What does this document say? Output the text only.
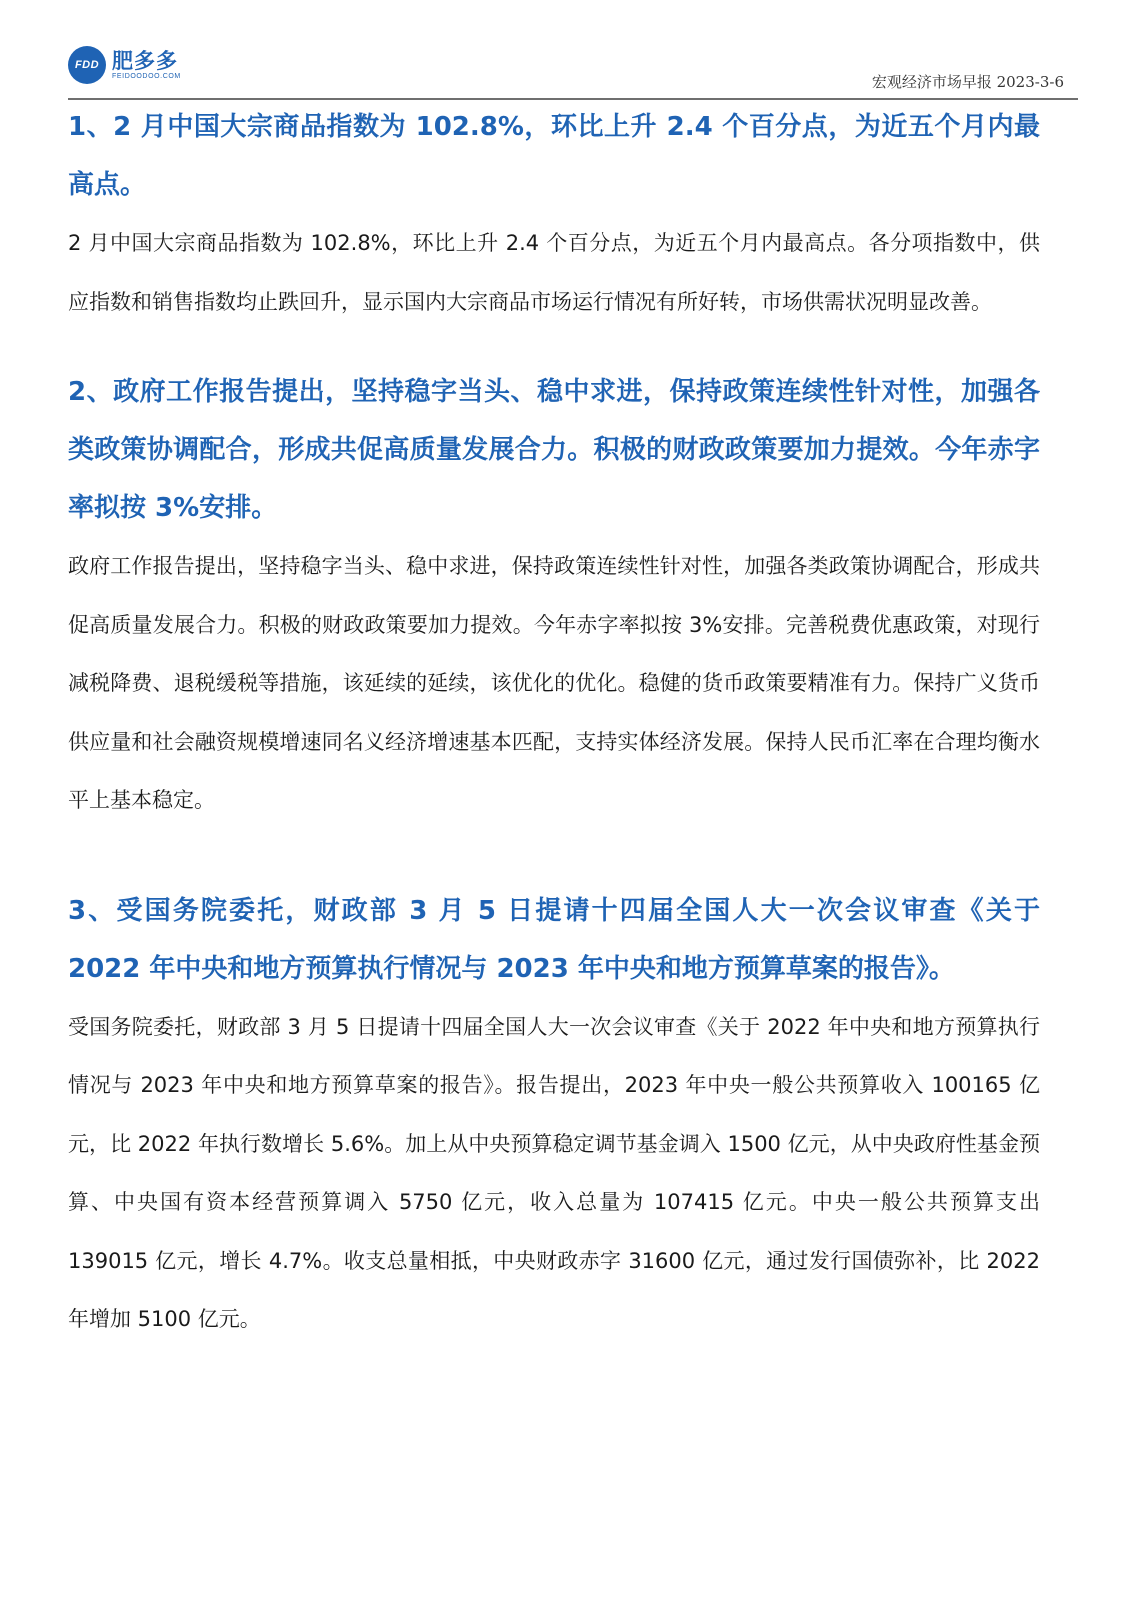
FDD 肥多多
FEIDOODOO.COM	宏观经济市场早报 2023-3-6
1、2 月中国大宗商品指数为 102.8%，环比上升 2.4 个百分点，为近五个月内最高点。

2 月中国大宗商品指数为 102.8%，环比上升 2.4 个百分点，为近五个月内最高点。各分项指数中，供应指数和销售指数均止跌回升，显示国内大宗商品市场运行情况有所好转，市场供需状况明显改善。

2、政府工作报告提出，坚持稳字当头、稳中求进，保持政策连续性针对性，加强各类政策协调配合，形成共促高质量发展合力。积极的财政政策要加力提效。今年赤字率拟按 3%安排。

政府工作报告提出，坚持稳字当头、稳中求进，保持政策连续性针对性，加强各类政策协调配合，形成共促高质量发展合力。积极的财政政策要加力提效。今年赤字率拟按 3%安排。完善税费优惠政策，对现行减税降费、退税缓税等措施，该延续的延续，该优化的优化。稳健的货币政策要精准有力。保持广义货币供应量和社会融资规模增速同名义经济增速基本匹配，支持实体经济发展。保持人民币汇率在合理均衡水平上基本稳定。

3、受国务院委托，财政部 3 月 5 日提请十四届全国人大一次会议审查《关于 2022 年中央和地方预算执行情况与 2023 年中央和地方预算草案的报告》。

受国务院委托，财政部 3 月 5 日提请十四届全国人大一次会议审查《关于 2022 年中央和地方预算执行情况与 2023 年中央和地方预算草案的报告》。报告提出，2023 年中央一般公共预算收入 100165 亿元，比 2022 年执行数增长 5.6%。加上从中央预算稳定调节基金调入 1500 亿元，从中央政府性基金预算、中央国有资本经营预算调入 5750 亿元，收入总量为 107415 亿元。中央一般公共预算支出 139015 亿元，增长 4.7%。收支总量相抵，中央财政赤字 31600 亿元，通过发行国债弥补，比 2022 年增加 5100 亿元。
